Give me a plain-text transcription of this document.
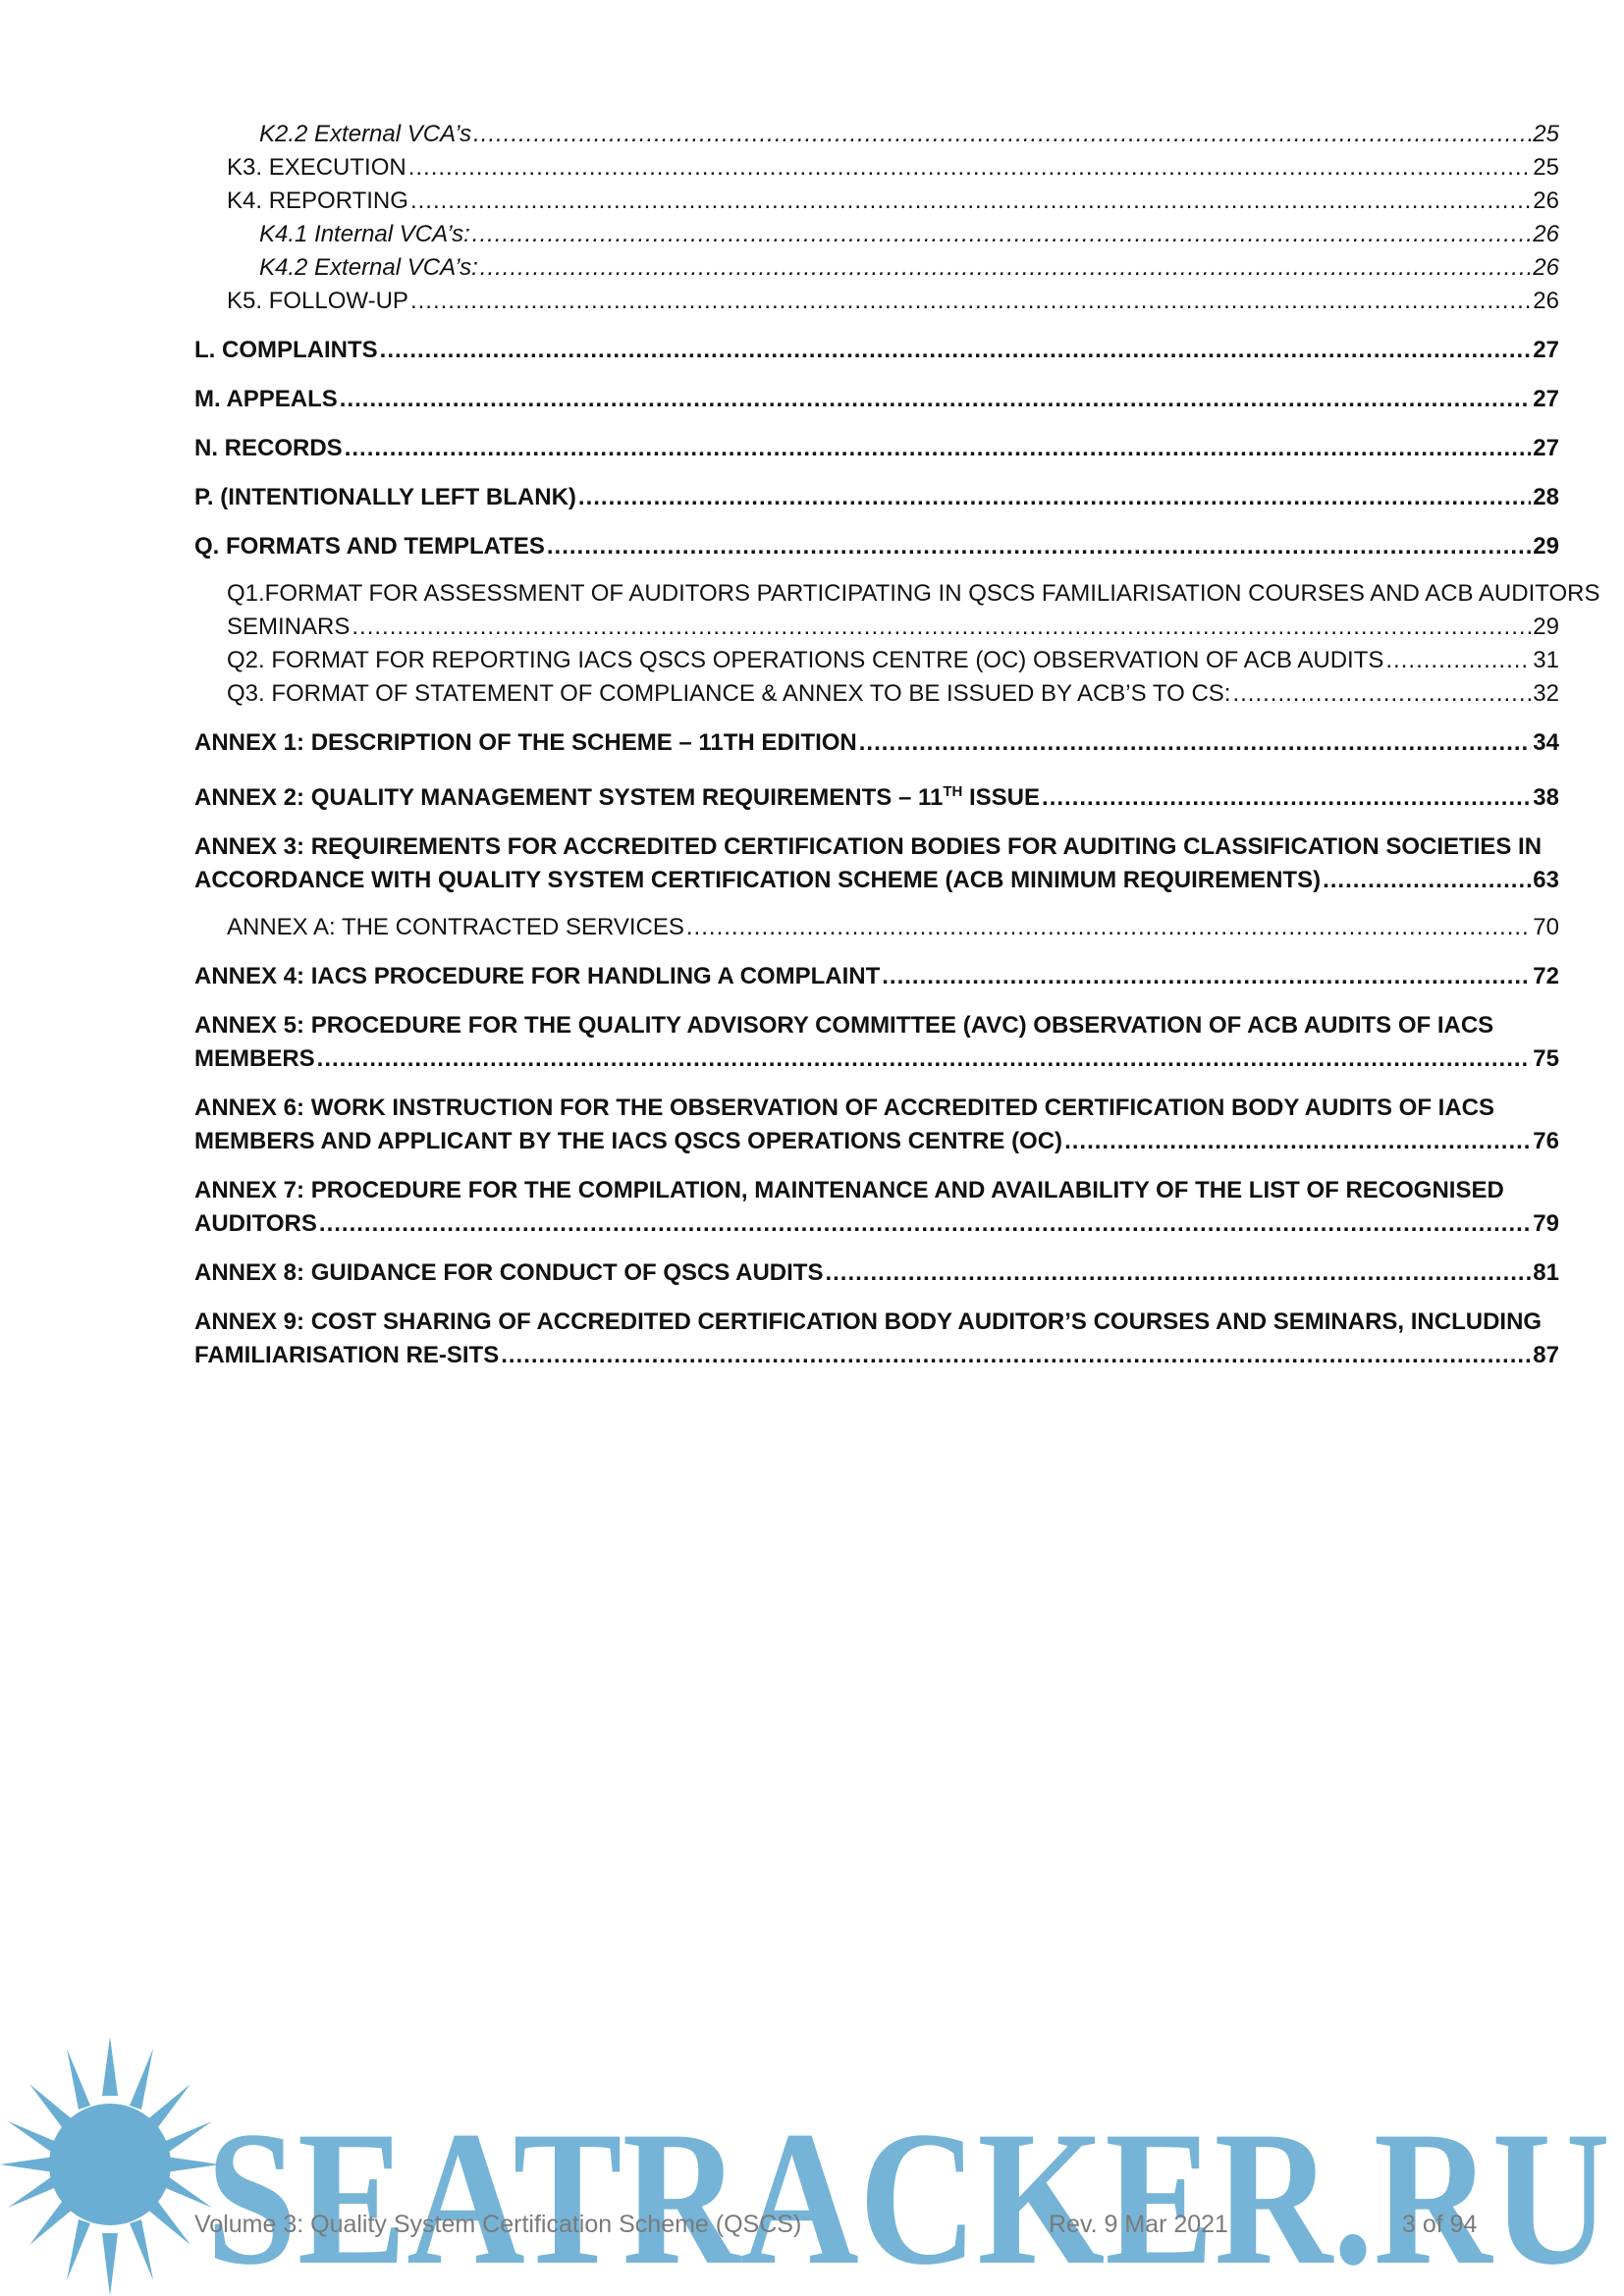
K2.2 External VCA’s .....	25
K3. EXECUTION .....	25
K4. REPORTING .....	26
K4.1 Internal VCA’s: .....	26
K4.2 External VCA’s: .....	26
K5. FOLLOW-UP .....	26
L. COMPLAINTS .....	27
M. APPEALS .....	27
N. RECORDS .....	27
P. (INTENTIONALLY LEFT BLANK) .....	28
Q. FORMATS AND TEMPLATES .....	29
Q1.FORMAT FOR ASSESSMENT OF AUDITORS PARTICIPATING IN QSCS FAMILIARISATION COURSES AND ACB AUDITORS
SEMINARS .....	29
Q2. FORMAT FOR REPORTING IACS QSCS OPERATIONS CENTRE (OC) OBSERVATION OF ACB AUDITS .....	31
Q3. FORMAT OF STATEMENT OF COMPLIANCE & ANNEX TO BE ISSUED BY ACB’S TO CS: .....	32
ANNEX 1: DESCRIPTION OF THE SCHEME – 11TH EDITION .....	34
ANNEX 2: QUALITY MANAGEMENT SYSTEM REQUIREMENTS – 11TH ISSUE .....	38
ANNEX 3: REQUIREMENTS FOR ACCREDITED CERTIFICATION BODIES FOR AUDITING CLASSIFICATION SOCIETIES IN
ACCORDANCE WITH QUALITY SYSTEM CERTIFICATION SCHEME (ACB MINIMUM REQUIREMENTS) .....	63
ANNEX A: THE CONTRACTED SERVICES .....	70
ANNEX 4: IACS PROCEDURE FOR HANDLING A COMPLAINT .....	72
ANNEX 5: PROCEDURE FOR THE QUALITY ADVISORY COMMITTEE (AVC) OBSERVATION OF ACB AUDITS OF IACS
MEMBERS .....	75
ANNEX 6: WORK INSTRUCTION FOR THE OBSERVATION OF ACCREDITED CERTIFICATION BODY AUDITS OF IACS
MEMBERS AND APPLICANT BY THE IACS QSCS OPERATIONS CENTRE (OC) .....	76
ANNEX 7: PROCEDURE FOR THE COMPILATION, MAINTENANCE AND AVAILABILITY OF THE LIST OF RECOGNISED
AUDITORS .....	79
ANNEX 8: GUIDANCE FOR CONDUCT OF QSCS AUDITS .....	81
ANNEX 9: COST SHARING OF ACCREDITED CERTIFICATION BODY AUDITOR’S COURSES AND SEMINARS, INCLUDING
FAMILIARISATION RE-SITS .....	87
SEATRACKER.RU
Volume 3: Quality System Certification Scheme (QSCS)	Rev. 9 Mar 2021	3 of 94
